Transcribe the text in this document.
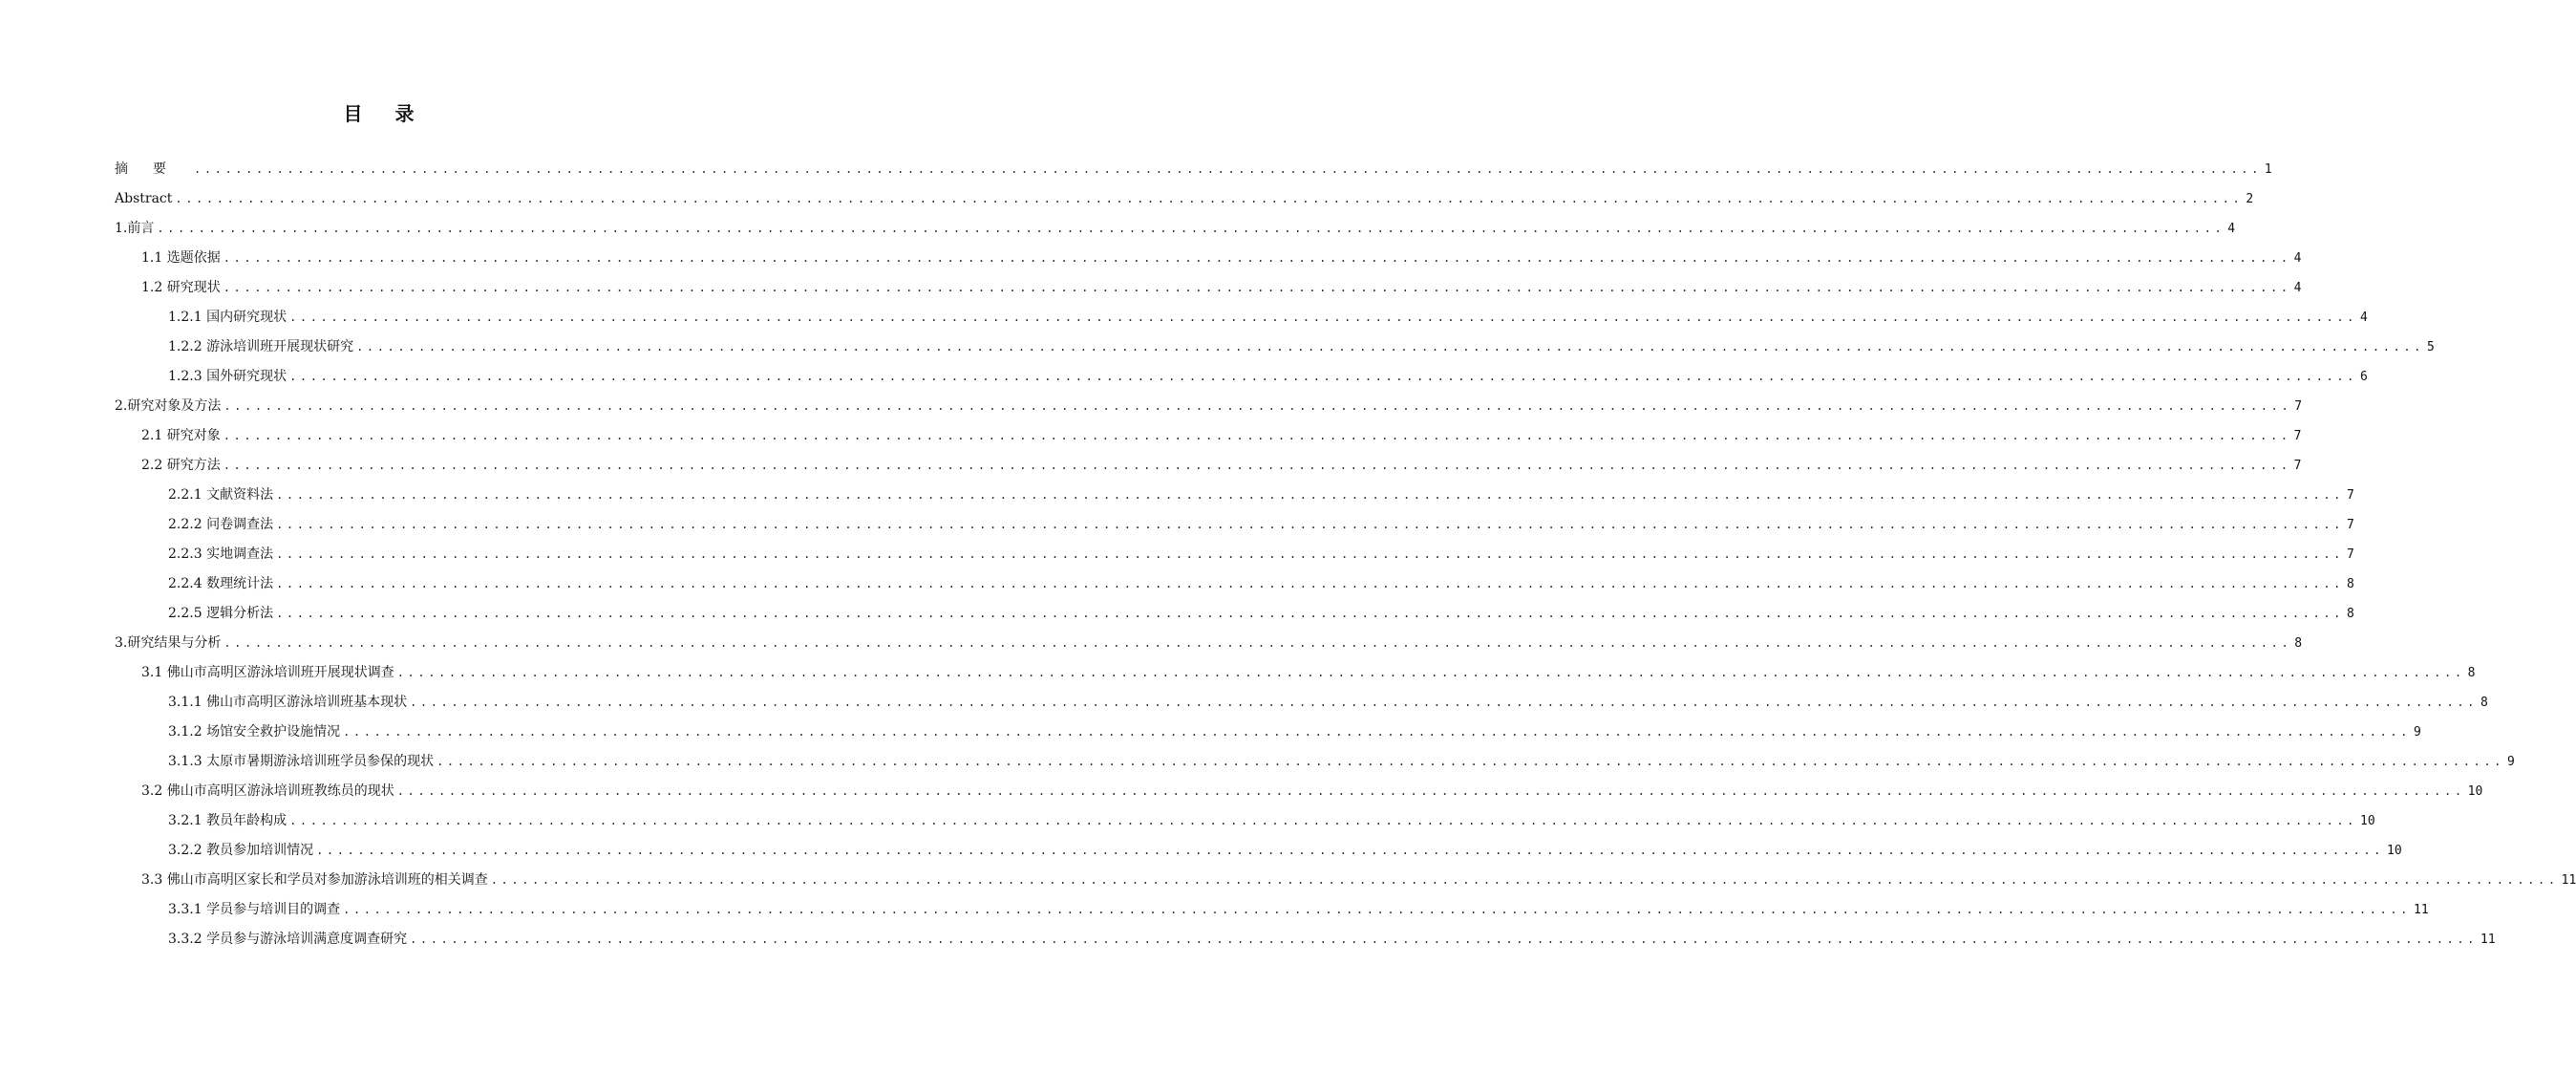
目录
摘要 ........................................................................................................................................................................................................ 1
Abstract ........................................................................................................................................................................................................ 2
1.前言 ........................................................................................................................................................................................................ 4
1.1 选题依据 ........................................................................................................................................................................................................ 4
1.2 研究现状 ........................................................................................................................................................................................................ 4
1.2.1 国内研究现状 ........................................................................................................................................................................................................ 4
1.2.2 游泳培训班开展现状研究 ........................................................................................................................................................................................................ 5
1.2.3 国外研究现状 ........................................................................................................................................................................................................ 6
2.研究对象及方法 ........................................................................................................................................................................................................ 7
2.1 研究对象 ........................................................................................................................................................................................................ 7
2.2 研究方法 ........................................................................................................................................................................................................ 7
2.2.1 文献资料法 ........................................................................................................................................................................................................ 7
2.2.2 问卷调查法 ........................................................................................................................................................................................................ 7
2.2.3 实地调查法 ........................................................................................................................................................................................................ 7
2.2.4 数理统计法 ........................................................................................................................................................................................................ 8
2.2.5 逻辑分析法 ........................................................................................................................................................................................................ 8
3.研究结果与分析 ........................................................................................................................................................................................................ 8
3.1 佛山市高明区游泳培训班开展现状调查 ........................................................................................................................................................................................................ 8
3.1.1 佛山市高明区游泳培训班基本现状 ........................................................................................................................................................................................................ 8
3.1.2 场馆安全救护设施情况 ........................................................................................................................................................................................................ 9
3.1.3 太原市暑期游泳培训班学员参保的现状 ........................................................................................................................................................................................................ 9
3.2 佛山市高明区游泳培训班教练员的现状 ........................................................................................................................................................................................................ 10
3.2.1 教员年龄构成 ........................................................................................................................................................................................................ 10
3.2.2 教员参加培训情况 ........................................................................................................................................................................................................ 10
3.3 佛山市高明区家长和学员对参加游泳培训班的相关调查 ........................................................................................................................................................................................................ 11
3.3.1 学员参与培训目的调查 ........................................................................................................................................................................................................ 11
3.3.2 学员参与游泳培训满意度调查研究 ........................................................................................................................................................................................................ 11
